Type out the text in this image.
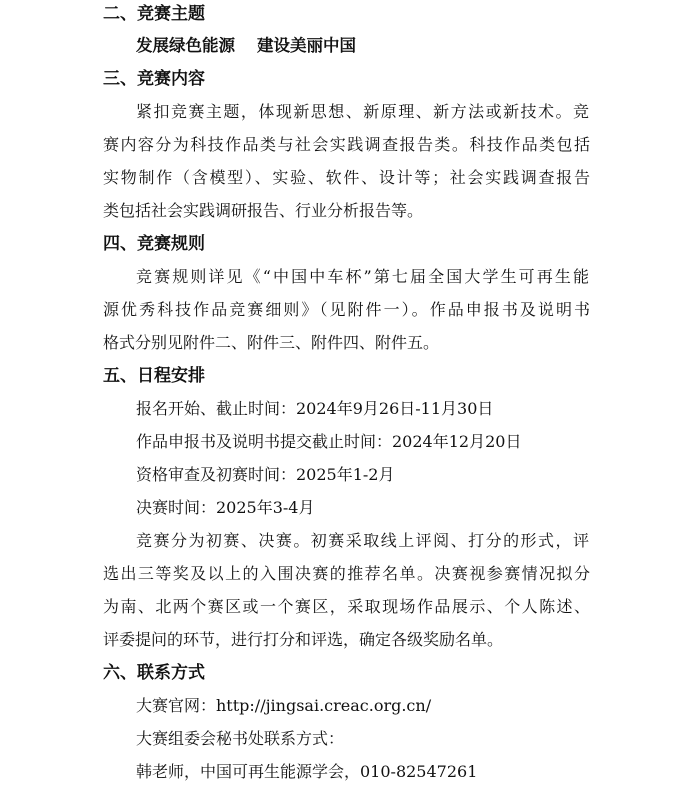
二、竞赛主题
发展绿色能源 建设美丽中国
三、竞赛内容
紧扣竞赛主题，体现新思想、新原理、新方法或新技术。竞
赛内容分为科技作品类与社会实践调查报告类。科技作品类包括
实物制作（含模型）、实验、软件、设计等；社会实践调查报告
类包括社会实践调研报告、行业分析报告等。
四、竞赛规则
竞赛规则详见《“中国中车杯”第七届全国大学生可再生能
源优秀科技作品竞赛细则》（见附件一）。作品申报书及说明书
格式分别见附件二、附件三、附件四、附件五。
五、日程安排
报名开始、截止时间：2024年9月26日-11月30日
作品申报书及说明书提交截止时间：2024年12月20日
资格审查及初赛时间：2025年1-2月
决赛时间：2025年3-4月
竞赛分为初赛、决赛。初赛采取线上评阅、打分的形式，评
选出三等奖及以上的入围决赛的推荐名单。决赛视参赛情况拟分
为南、北两个赛区或一个赛区，采取现场作品展示、个人陈述、
评委提问的环节，进行打分和评选，确定各级奖励名单。
六、联系方式
大赛官网：http://jingsai.creac.org.cn/
大赛组委会秘书处联系方式：
韩老师，中国可再生能源学会，010-82547261
